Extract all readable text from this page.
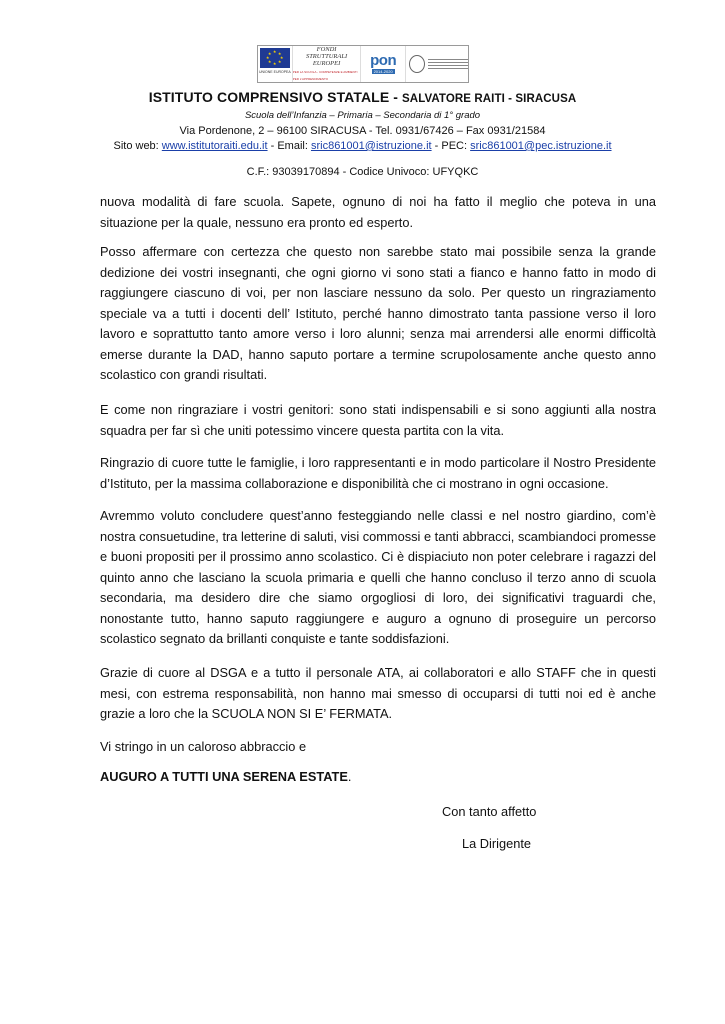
★ ★
★
★
★
★
★
★
UNIONE EUROPEA
FONDI
STRUTTURALI
EUROPEI
PER LA SCUOLA - COMPETENZE E AMBIENTI PER L'APPRENDIMENTO
pon
2014-2020
ISTITUTO COMPRENSIVO STATALE - SALVATORE RAITI - SIRACUSA
Scuola dell’Infanzia – Primaria – Secondaria di 1° grado
Via Pordenone, 2 – 96100 SIRACUSA - Tel. 0931/67426 – Fax 0931/21584
Sito web: www.istitutoraiti.edu.it - Email: sric861001@istruzione.it - PEC: sric861001@pec.istruzione.it
C.F.: 93039170894 - Codice Univoco: UFYQKC

nuova modalità di fare scuola. Sapete, ognuno di noi ha fatto il meglio che poteva in una situazione per la quale, nessuno era pronto ed esperto.

Posso affermare con certezza che questo non sarebbe stato mai possibile senza la grande dedizione dei vostri insegnanti, che ogni giorno vi sono stati a fianco e hanno fatto in modo di raggiungere ciascuno di voi, per non lasciare nessuno da solo. Per questo un ringraziamento speciale va a tutti i docenti dell’ Istituto, perché hanno dimostrato tanta passione verso il loro lavoro e soprattutto tanto amore verso i loro alunni; senza mai arrendersi alle enormi difficoltà emerse durante la DAD, hanno saputo portare a termine scrupolosamente anche questo anno scolastico con grandi risultati.

E come non ringraziare i vostri genitori: sono stati indispensabili e si sono aggiunti alla nostra squadra per far sì che uniti potessimo vincere questa partita con la vita.

Ringrazio di cuore tutte le famiglie, i loro rappresentanti e in modo particolare il Nostro Presidente d’Istituto, per la massima collaborazione e disponibilità che ci mostrano in ogni occasione.

Avremmo voluto concludere quest’anno festeggiando nelle classi e nel nostro giardino, com’è nostra consuetudine, tra letterine di saluti, visi commossi e tanti abbracci, scambiandoci promesse e buoni propositi per il prossimo anno scolastico. Ci è dispiaciuto non poter celebrare i ragazzi del quinto anno che lasciano la scuola primaria e quelli che hanno concluso il terzo anno di scuola secondaria, ma desidero dire che siamo orgogliosi di loro, dei significativi traguardi che, nonostante tutto, hanno saputo raggiungere e auguro a ognuno di proseguire un percorso scolastico segnato da brillanti conquiste e tante soddisfazioni.

Grazie di cuore al DSGA e a tutto il personale ATA, ai collaboratori e allo STAFF che in questi mesi, con estrema responsabilità, non hanno mai smesso di occuparsi di tutti noi ed è anche grazie a loro che la SCUOLA NON SI E’ FERMATA.

Vi stringo in un caloroso abbraccio e

AUGURO A TUTTI UNA SERENA ESTATE.

Con tanto affetto
La Dirigente
